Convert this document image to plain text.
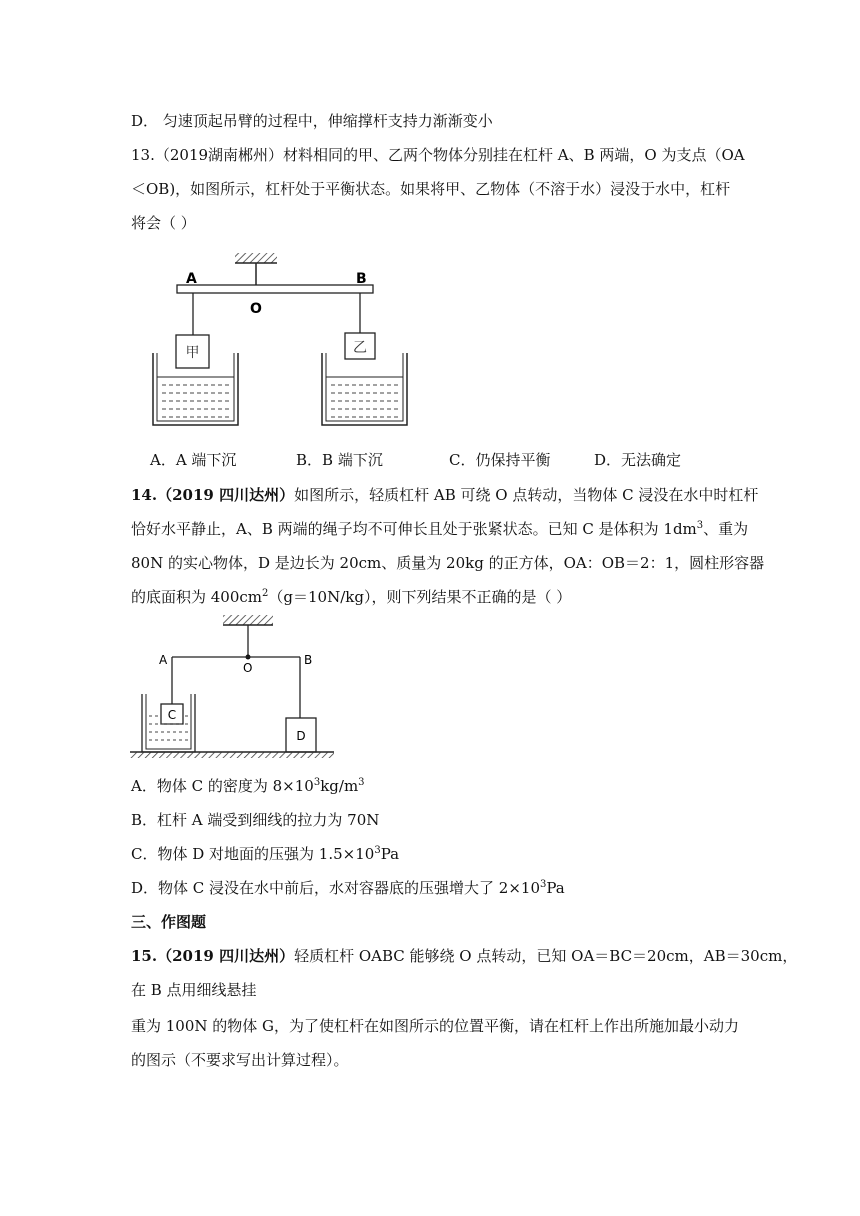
D． 匀速顶起吊臂的过程中，伸缩撑杆支持力渐渐变小
13.（2019湖南郴州）材料相同的甲、乙两个物体分别挂在杠杆 A、B 两端，O 为支点（OA
＜OB)，如图所示，杠杆处于平衡状态。如果将甲、乙物体（不溶于水）浸没于水中，杠杆
将会（ ）
A	B
O
甲	乙
A．A 端下沉	B．B 端下沉	C．仍保持平衡	D．无法确定
14.（2019 四川达州）如图所示，轻质杠杆 AB 可绕 O 点转动，当物体 C 浸没在水中时杠杆
恰好水平静止，A、B 两端的绳子均不可伸长且处于张紧状态。已知 C 是体积为 $1dm^3$、重为
80N 的实心物体，D 是边长为 20cm、质量为 20kg 的正方体，OA：OB＝2：1，圆柱形容器
的底面积为 $400cm^2(g=10N/kg)$，则下列结果不正确的是（ ）
A	B
O
C
D
A．物体 C 的密度为 $8\times 10^3kg/m^3$
B．杠杆 A 端受到细线的拉力为 70N
C．物体 D 对地面的压强为 $1.5\times 10^3Pa$
D．物体 C 浸没在水中前后，水对容器底的压强增大了 $2\times 10^3Pa$
三、作图题
15.（2019 四川达州）轻质杠杆 OABC 能够绕 O 点转动，已知 OA＝BC＝20cm，AB＝30cm，
在 B 点用细线悬挂
重为 100N 的物体 G，为了使杠杆在如图所示的位置平衡，请在杠杆上作出所施加最小动力
的图示（不要求写出计算过程）。
